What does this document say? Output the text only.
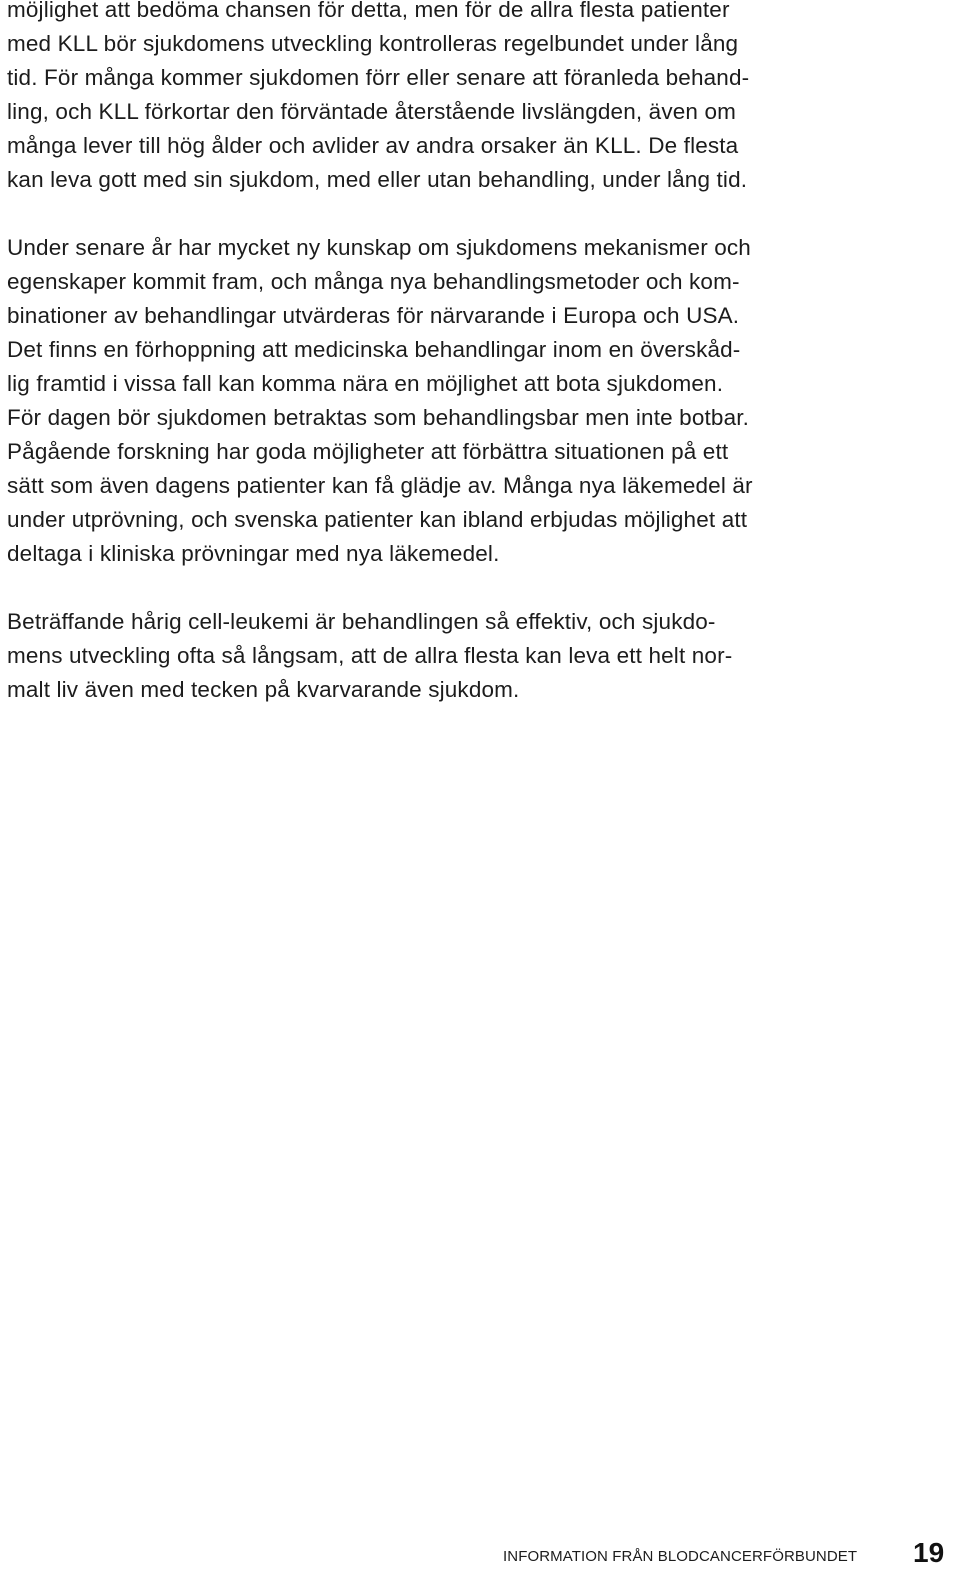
möjlighet att bedöma chansen för detta, men för de allra flesta patienter
med KLL bör sjukdomens utveckling kontrolleras regelbundet under lång
tid. För många kommer sjukdomen förr eller senare att föranleda behand-
ling, och KLL förkortar den förväntade återstående livslängden, även om
många lever till hög ålder och avlider av andra orsaker än KLL. De flesta
kan leva gott med sin sjukdom, med eller utan behandling, under lång tid.

Under senare år har mycket ny kunskap om sjukdomens mekanismer och
egenskaper kommit fram, och många nya behandlingsmetoder och kom-
binationer av behandlingar utvärderas för närvarande i Europa och USA.
Det finns en förhoppning att medicinska behandlingar inom en överskåd-
lig framtid i vissa fall kan komma nära en möjlighet att bota sjukdomen.
För dagen bör sjukdomen betraktas som behandlingsbar men inte botbar.
Pågående forskning har goda möjligheter att förbättra situationen på ett
sätt som även dagens patienter kan få glädje av. Många nya läkemedel är
under utprövning, och svenska patienter kan ibland erbjudas möjlighet att
deltaga i kliniska prövningar med nya läkemedel.

Beträffande hårig cell-leukemi är behandlingen så effektiv, och sjukdo-
mens utveckling ofta så långsam, att de allra flesta kan leva ett helt nor-
malt liv även med tecken på kvarvarande sjukdom.

INFORMATION FRÅN BLODCANCERFÖRBUNDET 19
